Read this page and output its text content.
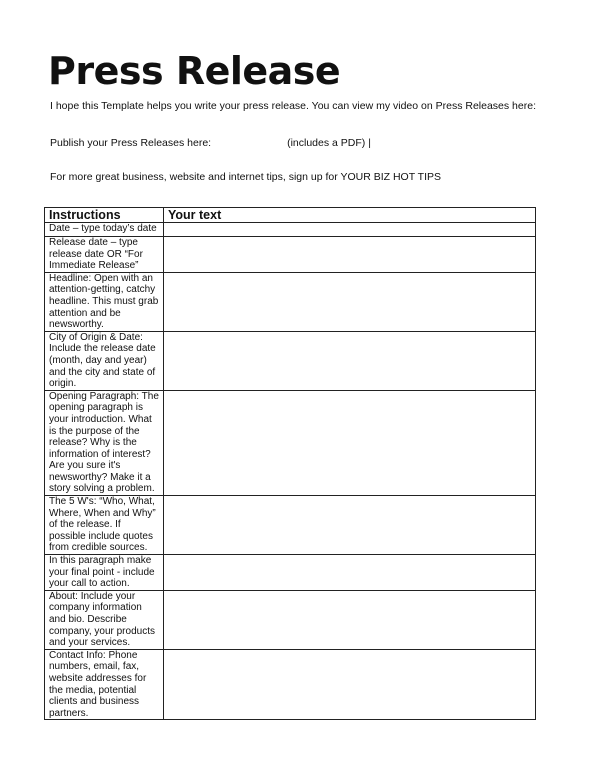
Press Release
I hope this Template helps you write your press release. You can view my video on Press Releases here:
Publish your Press Releases here:	(includes a PDF) |
For more great business, website and internet tips, sign up for YOUR BIZ HOT TIPS
Instructions	Your text
Date – type today’s date	
Release date – type release date OR “For Immediate Release”	
Headline: Open with an attention-getting, catchy headline. This must grab attention and be newsworthy.	
City of Origin & Date: Include the release date (month, day and year) and the city and state of origin.	
Opening Paragraph: The opening paragraph is your introduction. What is the purpose of the release? Why is the information of interest? Are you sure it's newsworthy? Make it a story solving a problem.	
The 5 W's: “Who, What, Where, When and Why” of the release. If possible include quotes from credible sources.	
In this paragraph make your final point - include your call to action.	
About: Include your company information and bio. Describe company, your products and your services.	
Contact Info: Phone numbers, email, fax, website addresses for the media, potential clients and business partners.	
